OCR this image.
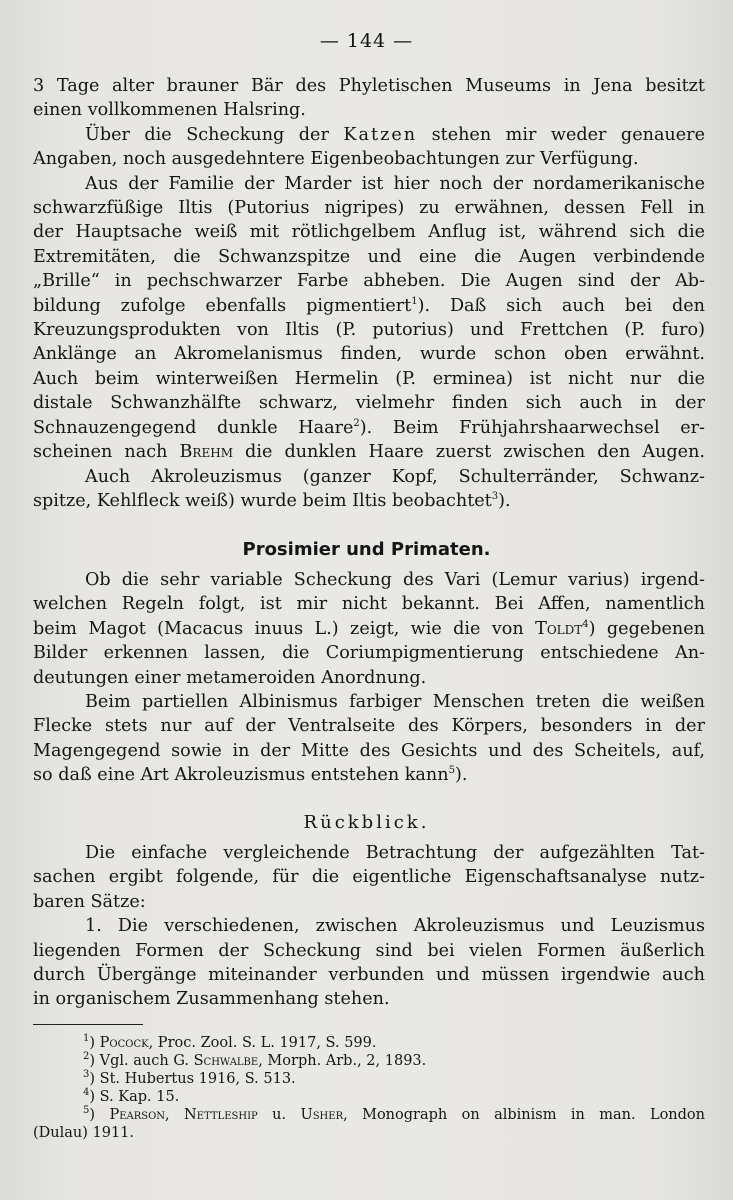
— 144 —

3 Tage alter brauner Bär des Phyletischen Museums in Jena besitzt
einen vollkommenen Halsring.

Über die Scheckung der Katzen stehen mir weder genauere
Angaben, noch ausgedehntere Eigenbeobachtungen zur Verfügung.

Aus der Familie der Marder ist hier noch der nordamerikanische
schwarzfüßige Iltis (Putorius nigripes) zu erwähnen, dessen Fell in
der Hauptsache weiß mit rötlichgelbem Anflug ist, während sich die
Extremitäten, die Schwanzspitze und eine die Augen verbindende
„Brille“ in pechschwarzer Farbe abheben. Die Augen sind der Ab-
bildung zufolge ebenfalls pigmentiert$^1$). Daß sich auch bei den
Kreuzungsprodukten von Iltis (P. putorius) und Frettchen (P. furo)
Anklänge an Akromelanismus finden, wurde schon oben erwähnt.
Auch beim winterweißen Hermelin (P. erminea) ist nicht nur die
distale Schwanzhälfte schwarz, vielmehr finden sich auch in der
Schnauzengegend dunkle Haare$^2$). Beim Frühjahrshaarwechsel er-
scheinen nach Brehm die dunklen Haare zuerst zwischen den Augen.

Auch Akroleuzismus (ganzer Kopf, Schulterränder, Schwanz-
spitze, Kehlfleck weiß) wurde beim Iltis beobachtet$^3$).

Prosimier und Primaten.

Ob die sehr variable Scheckung des Vari (Lemur varius) irgend-
welchen Regeln folgt, ist mir nicht bekannt. Bei Affen, namentlich
beim Magot (Macacus inuus L.) zeigt, wie die von Toldt$^4$) gegebenen
Bilder erkennen lassen, die Coriumpigmentierung entschiedene An-
deutungen einer metameroiden Anordnung.

Beim partiellen Albinismus farbiger Menschen treten die weißen
Flecke stets nur auf der Ventralseite des Körpers, besonders in der
Magengegend sowie in der Mitte des Gesichts und des Scheitels, auf,
so daß eine Art Akroleuzismus entstehen kann$^5$).

Rückblick.

Die einfache vergleichende Betrachtung der aufgezählten Tat-
sachen ergibt folgende, für die eigentliche Eigenschaftsanalyse nutz-
baren Sätze:

1. Die verschiedenen, zwischen Akroleuzismus und Leuzismus
liegenden Formen der Scheckung sind bei vielen Formen äußerlich
durch Übergänge miteinander verbunden und müssen irgendwie auch
in organischem Zusammenhang stehen.

$^1$) Pocock, Proc. Zool. S. L. 1917, S. 599.
$^2$) Vgl. auch G. Schwalbe, Morph. Arb., 2, 1893.
$^3$) St. Hubertus 1916, S. 513.
$^4$) S. Kap. 15.
$^5$) Pearson, Nettleship u. Usher, Monograph on albinism in man. London
(Dulau) 1911.
